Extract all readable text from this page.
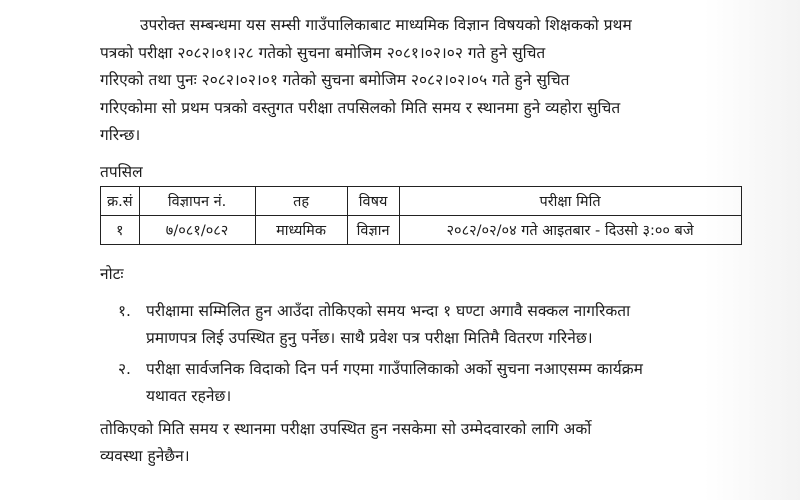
उपरोक्त सम्बन्धमा यस सम्सी गाउँपालिकाबाट माध्यमिक विज्ञान विषयको शिक्षकको प्रथम
पत्रको परीक्षा २०८२।०१।२८ गतेको सुचना बमोजिम २०८१।०२।०२ गते हुने सुचित
गरिएको तथा पुनः २०८२।०२।०१ गतेको सुचना बमोजिम २०८२।०२।०५ गते हुने सुचित
गरिएकोमा सो प्रथम पत्रको वस्तुगत परीक्षा तपसिलको मिति समय र स्थानमा हुने व्यहोरा सुचित
गरिन्छ।
तपसिल
क्र.सं	विज्ञापन नं.	तह	विषय	परीक्षा मिति
१	७/०८१/०८२	माध्यमिक	विज्ञान	२०८२/०२/०४ गते आइतबार - दिउसो ३:०० बजे
नोटः
१. परीक्षामा सम्मिलित हुन आउँदा तोकिएको समय भन्दा १ घण्टा अगावै सक्कल नागरिकता
प्रमाणपत्र लिई उपस्थित हुनु पर्नेछ। साथै प्रवेश पत्र परीक्षा मितिमै वितरण गरिनेछ।
२. परीक्षा सार्वजनिक विदाको दिन पर्न गएमा गाउँपालिकाको अर्को सुचना नआएसम्म कार्यक्रम
यथावत रहनेछ।
तोकिएको मिति समय र स्थानमा परीक्षा उपस्थित हुन नसकेमा सो उम्मेदवारको लागि अर्को
व्यवस्था हुनेछैन।
